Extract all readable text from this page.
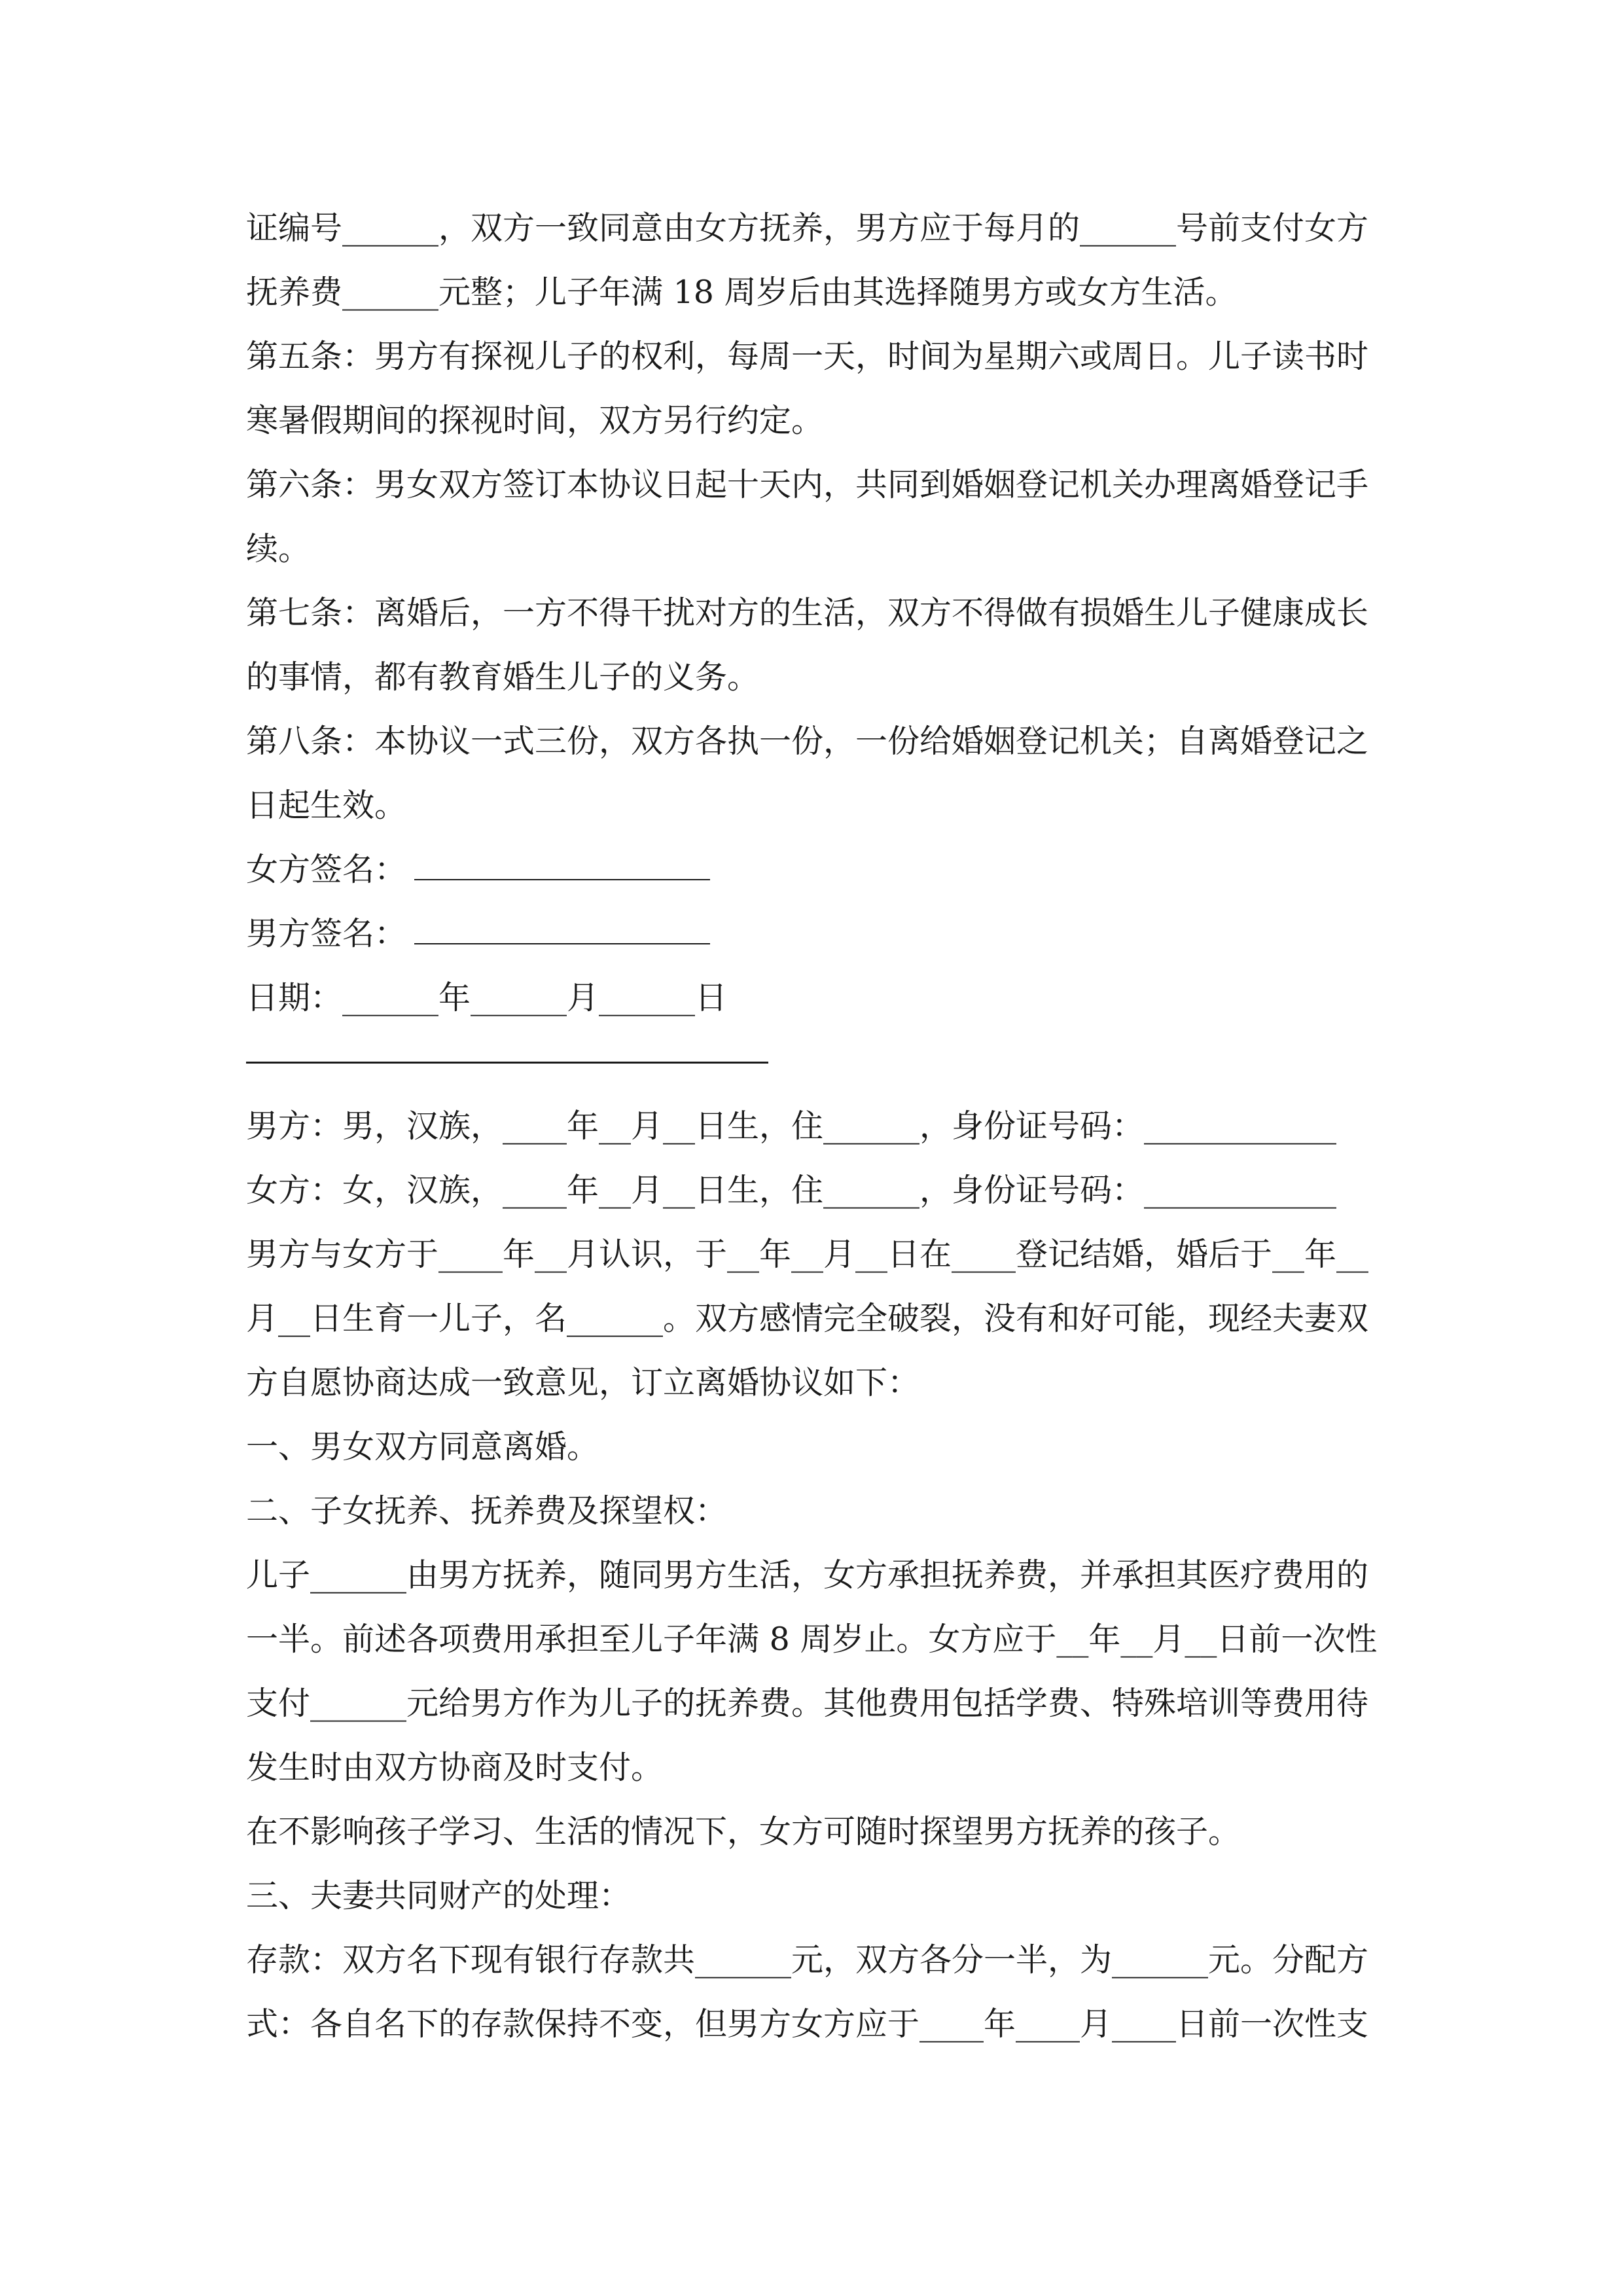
证编号______，双方一致同意由女方抚养，男方应于每月的______号前支付女方
抚养费______元整；儿子年满 18 周岁后由其选择随男方或女方生活。
第五条：男方有探视儿子的权利，每周一天，时间为星期六或周日。儿子读书时
寒暑假期间的探视时间，双方另行约定。
第六条：男女双方签订本协议日起十天内，共同到婚姻登记机关办理离婚登记手
续。
第七条：离婚后，一方不得干扰对方的生活，双方不得做有损婚生儿子健康成长
的事情，都有教育婚生儿子的义务。
第八条：本协议一式三份，双方各执一份，一份给婚姻登记机关；自离婚登记之
日起生效。
女方签名：
男方签名：
日期：______年______月______日
男方：男，汉族，____年__月__日生，住______，身份证号码：____________
女方：女，汉族，____年__月__日生，住______，身份证号码：____________
男方与女方于____年__月认识，于__年__月__日在____登记结婚，婚后于__年__
月__日生育一儿子，名______。双方感情完全破裂，没有和好可能，现经夫妻双
方自愿协商达成一致意见，订立离婚协议如下：
一、男女双方同意离婚。
二、子女抚养、抚养费及探望权：
儿子______由男方抚养，随同男方生活，女方承担抚养费，并承担其医疗费用的
一半。前述各项费用承担至儿子年满 8 周岁止。女方应于__年__月__日前一次性
支付______元给男方作为儿子的抚养费。其他费用包括学费、特殊培训等费用待
发生时由双方协商及时支付。
在不影响孩子学习、生活的情况下，女方可随时探望男方抚养的孩子。
三、夫妻共同财产的处理：
存款：双方名下现有银行存款共______元，双方各分一半，为______元。分配方
式：各自名下的存款保持不变，但男方女方应于____年____月____日前一次性支
